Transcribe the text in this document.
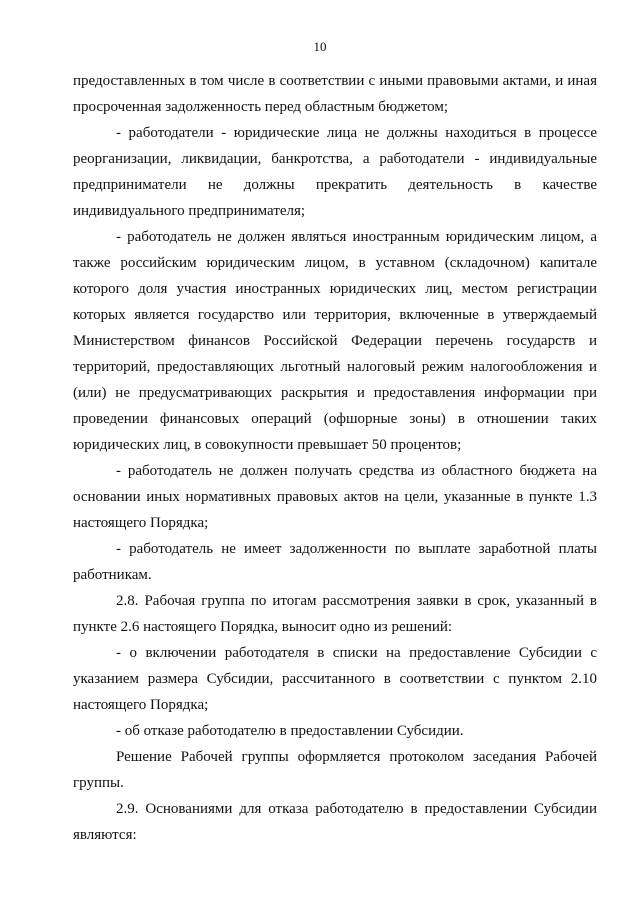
10

предоставленных в том числе в соответствии с иными правовыми актами, и иная просроченная задолженность перед областным бюджетом;

- работодатели - юридические лица не должны находиться в процессе реорганизации, ликвидации, банкротства, а работодатели - индивидуальные предприниматели не должны прекратить деятельность в качестве индивидуального предпринимателя;

- работодатель не должен являться иностранным юридическим лицом, а также российским юридическим лицом, в уставном (складочном) капитале которого доля участия иностранных юридических лиц, местом регистрации которых является государство или территория, включенные в утверждаемый Министерством финансов Российской Федерации перечень государств и территорий, предоставляющих льготный налоговый режим налогообложения и (или) не предусматривающих раскрытия и предоставления информации при проведении финансовых операций (офшорные зоны) в отношении таких юридических лиц, в совокупности превышает 50 процентов;

- работодатель не должен получать средства из областного бюджета на основании иных нормативных правовых актов на цели, указанные в пункте 1.3 настоящего Порядка;

- работодатель не имеет задолженности по выплате заработной платы работникам.

2.8. Рабочая группа по итогам рассмотрения заявки в срок, указанный в пункте 2.6 настоящего Порядка, выносит одно из решений:

- о включении работодателя в списки на предоставление Субсидии с указанием размера Субсидии, рассчитанного в соответствии с пунктом 2.10 настоящего Порядка;

- об отказе работодателю в предоставлении Субсидии.

Решение Рабочей группы оформляется протоколом заседания Рабочей группы.

2.9. Основаниями для отказа работодателю в предоставлении Субсидии являются:
